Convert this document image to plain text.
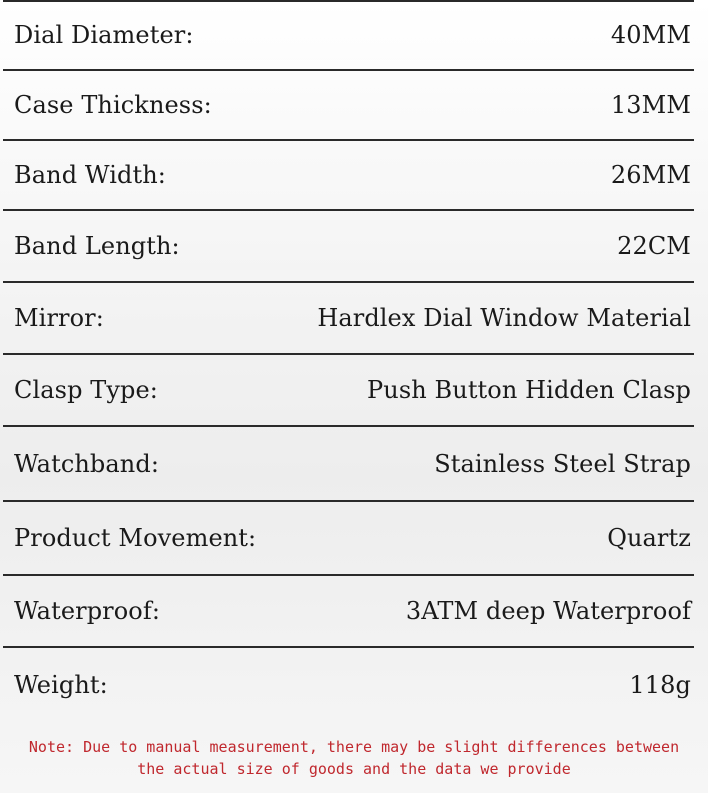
Dial Diameter:	40MM
Case Thickness:	13MM
Band Width:	26MM
Band Length:	22CM
Mirror:	Hardlex Dial Window Material
Clasp Type:	Push Button Hidden Clasp
Watchband:	Stainless Steel Strap
Product Movement:	Quartz
Waterproof:	3ATM deep Waterproof
Weight:	118g
Note: Due to manual measurement, there may be slight differences between
the actual size of goods and the data we provide
